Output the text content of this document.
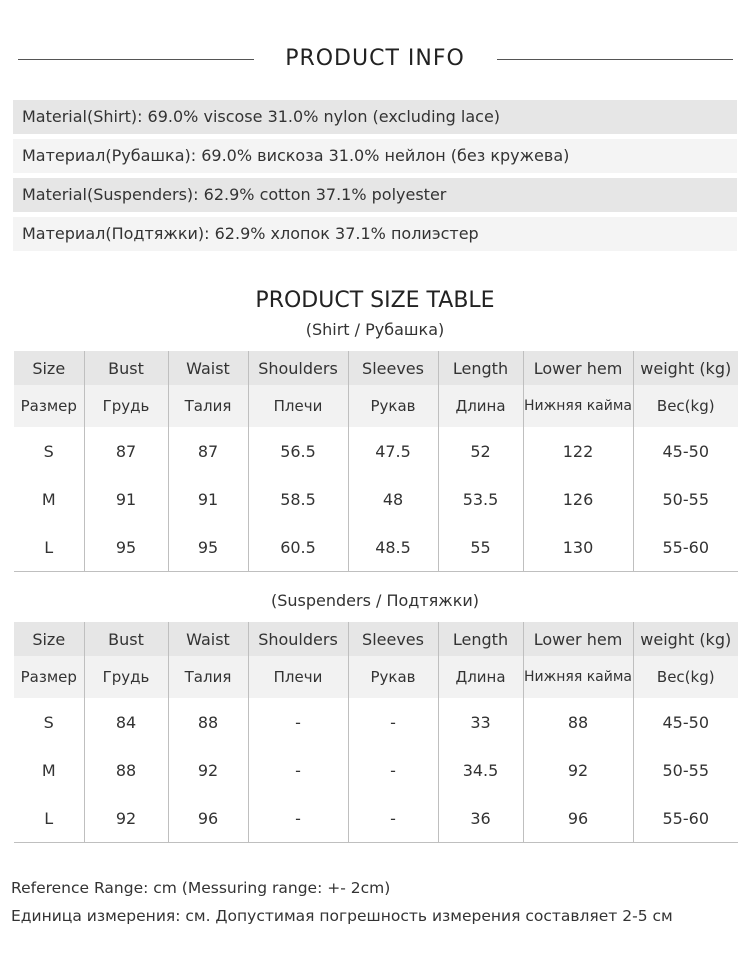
PRODUCT INFO
Material(Shirt): 69.0% viscose 31.0% nylon (excluding lace)
Материал(Рубашка): 69.0% вискоза 31.0% нейлон (без кружева)
Material(Suspenders): 62.9% cotton 37.1% polyester
Материал(Подтяжки): 62.9% хлопок 37.1% полиэстер
PRODUCT SIZE TABLE
(Shirt / Рубашка)
Size	Bust	Waist	Shoulders	Sleeves	Length	Lower hem	weight (kg)
Размер	Грудь	Талия	Плечи	Рукав	Длина	Нижняя кайма	Вес(kg)
S	87	87	56.5	47.5	52	122	45-50
M	91	91	58.5	48	53.5	126	50-55
L	95	95	60.5	48.5	55	130	55-60
(Suspenders / Подтяжки)
Size	Bust	Waist	Shoulders	Sleeves	Length	Lower hem	weight (kg)
Размер	Грудь	Талия	Плечи	Рукав	Длина	Нижняя кайма	Вес(kg)
S	84	88	-	-	33	88	45-50
M	88	92	-	-	34.5	92	50-55
L	92	96	-	-	36	96	55-60
Reference Range: cm (Messuring range: +- 2cm)
Единица измерения: см. Допустимая погрешность измерения составляет 2-5 см
